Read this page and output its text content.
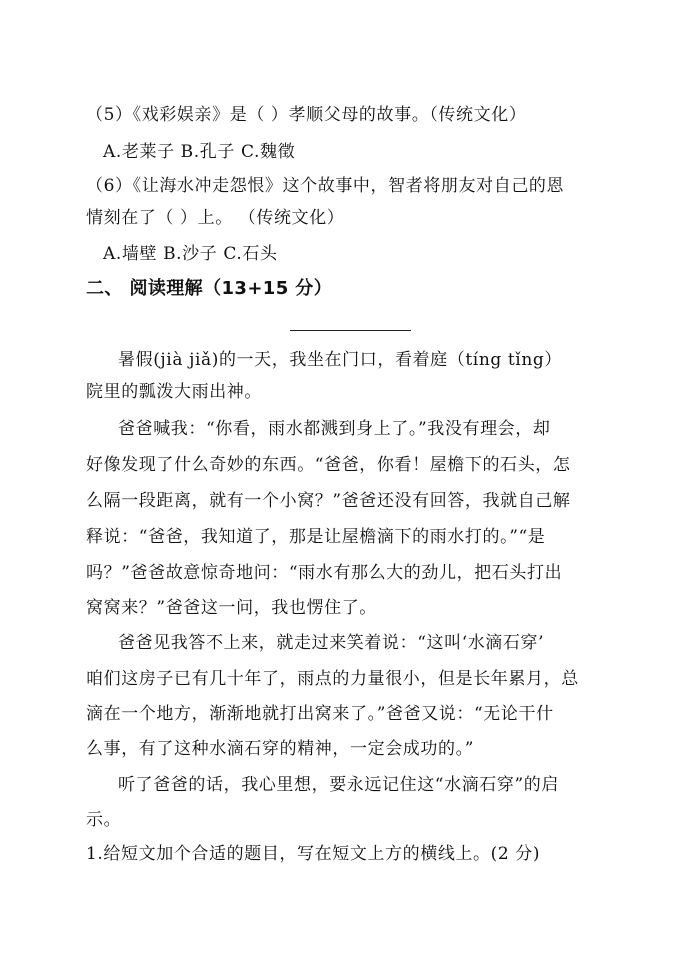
（5）《戏彩娱亲》是（ ）孝顺父母的故事。（传统文化）
A.老莱子 B.孔子 C.魏徵
（6）《让海水冲走怨恨》这个故事中，智者将朋友对自己的恩
情刻在了（ ）上。 （传统文化）
A.墙壁 B.沙子 C.石头
二、 阅读理解（13+15 分）
暑假(jià jiǎ)的一天，我坐在门口，看着庭（tíng tǐng）
院里的瓢泼大雨出神。
爸爸喊我：“你看，雨水都溅到身上了。”我没有理会，却
好像发现了什么奇妙的东西。“爸爸，你看！屋檐下的石头，怎
么隔一段距离，就有一个小窝？”爸爸还没有回答，我就自己解
释说：“爸爸，我知道了，那是让屋檐滴下的雨水打的。”“是
吗？”爸爸故意惊奇地问：“雨水有那么大的劲儿，把石头打出
窝窝来？”爸爸这一问，我也愣住了。
爸爸见我答不上来，就走过来笑着说：“这叫‘水滴石穿’
咱们这房子已有几十年了，雨点的力量很小，但是长年累月，总
滴在一个地方，渐渐地就打出窝来了。”爸爸又说：“无论干什
么事，有了这种水滴石穿的精神，一定会成功的。”
听了爸爸的话，我心里想，要永远记住这“水滴石穿”的启
示。
1.给短文加个合适的题目，写在短文上方的横线上。(2 分)
